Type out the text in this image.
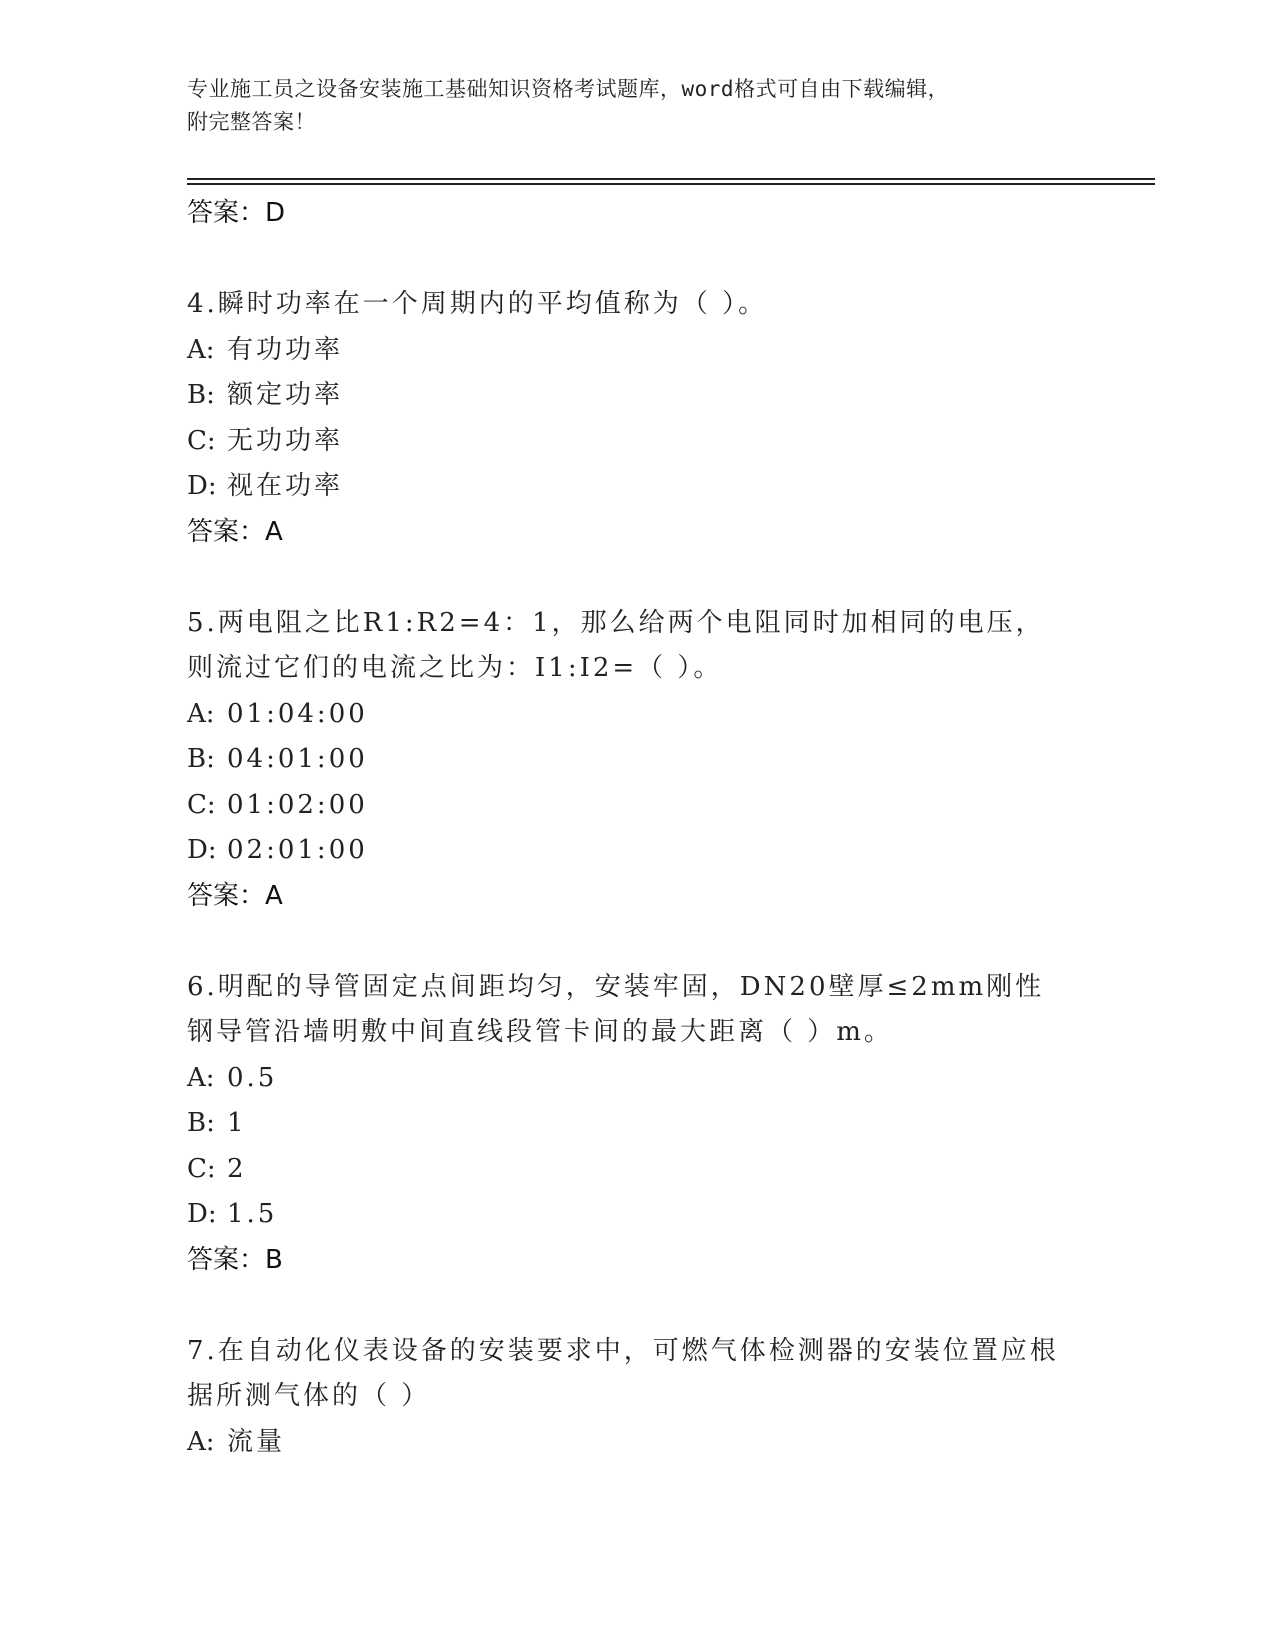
专业施工员之设备安装施工基础知识资格考试题库，word格式可自由下载编辑，
附完整答案！
答案：D
4.瞬时功率在一个周期内的平均值称为（ ）。
A: 有功功率
B: 额定功率
C: 无功功率
D: 视在功率
答案：A
5.两电阻之比R1:R2=4：1，那么给两个电阻同时加相同的电压，则流过它们的电流之比为：I1:I2=（ ）。
A: 01:04:00
B: 04:01:00
C: 01:02:00
D: 02:01:00
答案：A
6.明配的导管固定点间距均匀，安装牢固，DN20壁厚≤2mm刚性钢导管沿墙明敷中间直线段管卡间的最大距离（ ）m。
A: 0.5
B: 1
C: 2
D: 1.5
答案：B
7.在自动化仪表设备的安装要求中，可燃气体检测器的安装位置应根据所测气体的（ ）
A: 流量
